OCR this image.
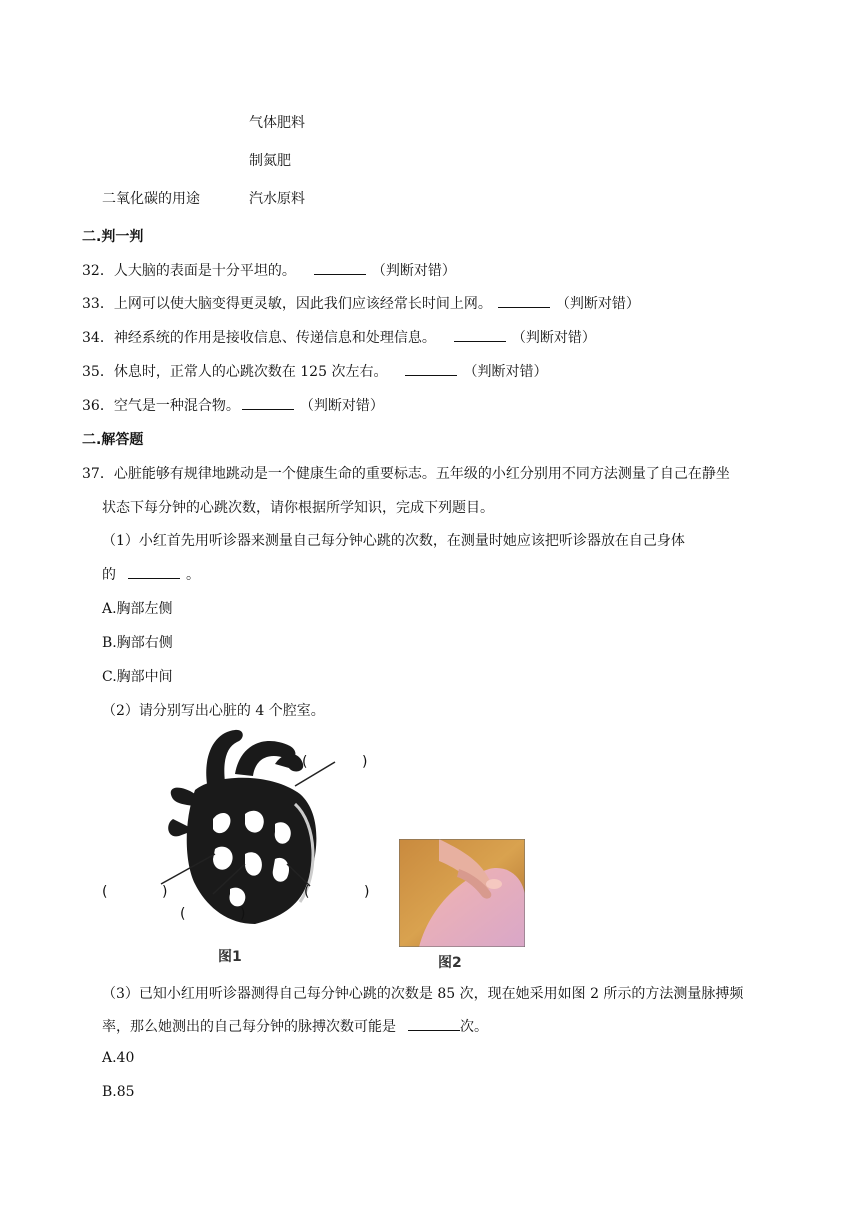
气体肥料
制氮肥
二氧化碳的用途	汽水原料
二.判一判
32．人大脑的表面是十分平坦的。	（判断对错）
33．上网可以使大脑变得更灵敏，因此我们应该经常长时间上网。	（判断对错）
34．神经系统的作用是接收信息、传递信息和处理信息。	（判断对错）
35．休息时，正常人的心跳次数在 125 次左右。	（判断对错）
36．空气是一种混合物。	（判断对错）
二.解答题
37．心脏能够有规律地跳动是一个健康生命的重要标志。五年级的小红分别用不同方法测量了自己在静坐
状态下每分钟的心跳次数，请你根据所学知识，完成下列题目。
（1）小红首先用听诊器来测量自己每分钟心跳的次数，在测量时她应该把听诊器放在自己身体
的	。
A.胸部左侧
B.胸部右侧
C.胸部中间
（2）请分别写出心脏的 4 个腔室。
(	)
(	)
(	)
(	)
图1	图2
（3）已知小红用听诊器测得自己每分钟心跳的次数是 85 次，现在她采用如图 2 所示的方法测量脉搏频
率，那么她测出的自己每分钟的脉搏次数可能是	次。
A.40
B.85
